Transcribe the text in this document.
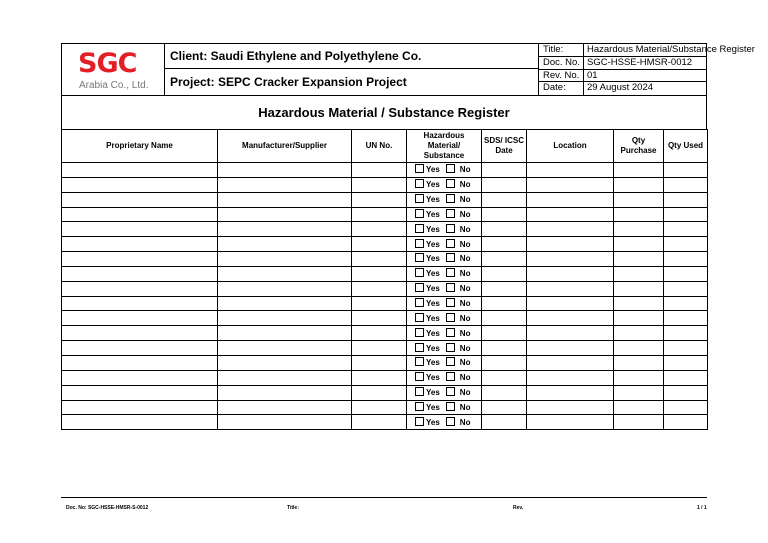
SGC
Arabia Co., Ltd.
Client: Saudi Ethylene and Polyethylene Co.
Project: SEPC Cracker Expansion Project
Title:	Hazardous Material/Substance Register
Doc. No. SGC-HSSE-HMSR-0012
Rev. No. 01
Date:	29 August 2024
Hazardous Material / Substance Register
Proprietary Name	Manufacturer/Supplier	UN No.	Hazardous Material/ Substance	SDS/ ICSC Date	Location	Qty Purchase	Qty Used
			Yes No				
			Yes No				
			Yes No				
			Yes No				
			Yes No				
			Yes No				
			Yes No				
			Yes No				
			Yes No				
			Yes No				
			Yes No				
			Yes No				
			Yes No				
			Yes No				
			Yes No				
			Yes No				
			Yes No				
			Yes No				
Doc. No: SGC-HSSE-HMSR-S-0012	Title:	Rev.	1 / 1
